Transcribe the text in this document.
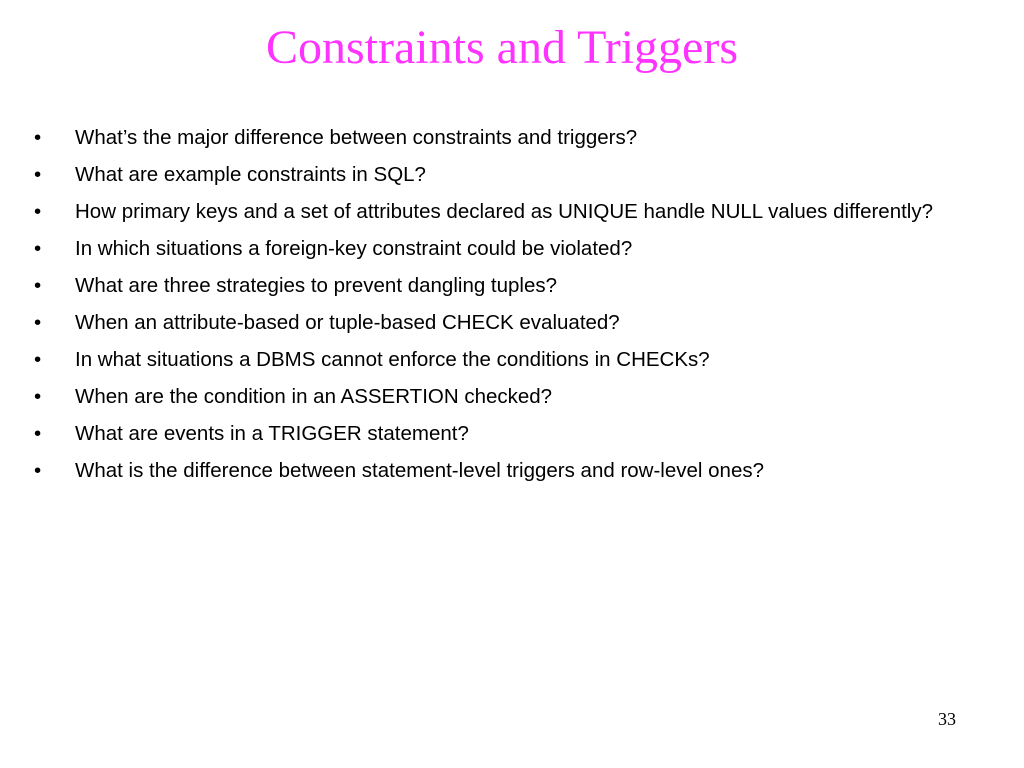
Constraints and Triggers
• What’s the major difference between constraints and triggers?
• What are example constraints in SQL?
• How primary keys and a set of attributes declared as UNIQUE handle NULL values differently?
• In which situations a foreign-key constraint could be violated?
• What are three strategies to prevent dangling tuples?
• When an attribute-based or tuple-based CHECK evaluated?
• In what situations a DBMS cannot enforce the conditions in CHECKs?
• When are the condition in an ASSERTION checked?
• What are events in a TRIGGER statement?
• What is the difference between statement-level triggers and row-level ones?
33
